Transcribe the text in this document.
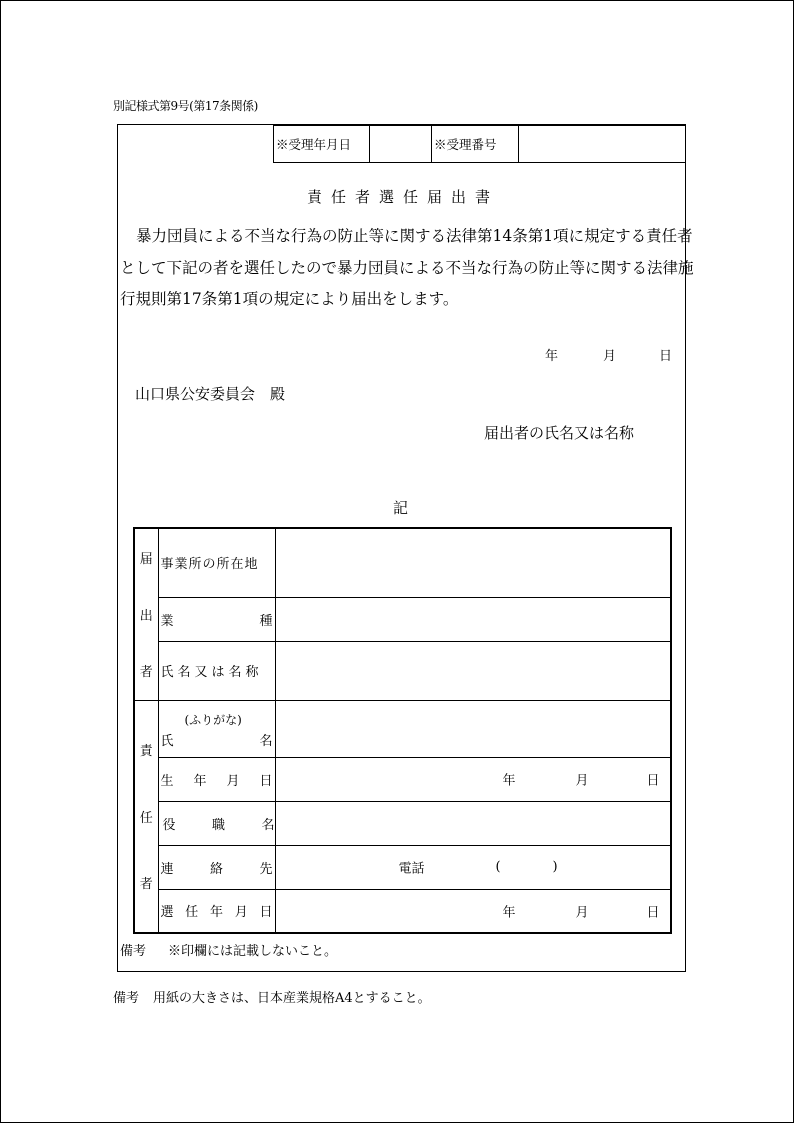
別記様式第9号(第17条関係)
※受理年月日		※受理番号	
責任者選任届出書
暴力団員による不当な行為の防止等に関する法律第14条第1項に規定する責任者として下記の者を選任したので暴力団員による不当な行為の防止等に関する法律施行規則第17条第1項の規定により届出をします。
年	月	日
山口県公安委員会　殿
届出者の氏名又は名称
記
届
出
者	事業所の所在地	

	業 種	

	氏名又は名称	

責
任
者	(ふりがな)
氏 名	

	生 年 月 日	年 月 日

	役 職 名	

	連 絡 先	電話 ( )

	選 任 年 月 日	年 月 日
備考 ※印欄には記載しないこと。
備考 用紙の大きさは、日本産業規格A4とすること。
